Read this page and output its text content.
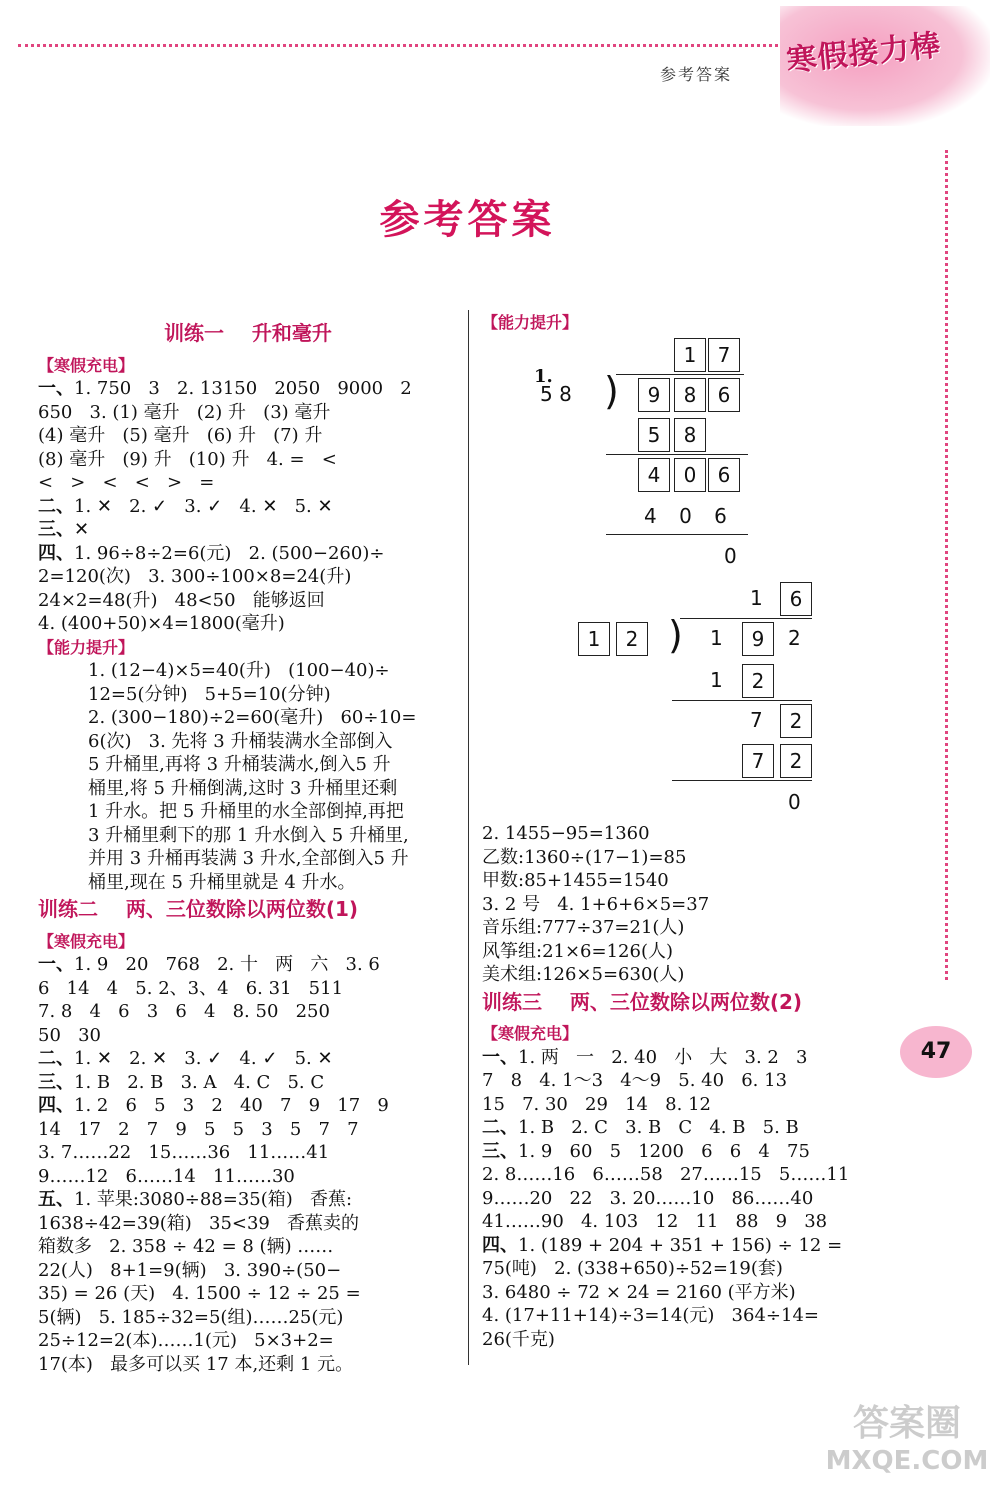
参考答案 寒假接力棒
参考答案
训练一    升和毫升
【寒假充电】
一、1. 750   3   2. 13150   2050   9000   2
650   3. (1) 毫升   (2) 升   (3) 毫升
(4) 毫升   (5) 毫升   (6) 升   (7) 升
(8) 毫升   (9) 升   (10) 升   4. =   <
<   >   <   <   >   =
二、1. ✕   2. ✓   3. ✓   4. ✕   5. ✕
三、✕
四、1. 96÷8÷2=6(元)   2. (500−260)÷
2=120(次)   3. 300÷100×8=24(升)
24×2=48(升)   48<50   能够返回
4. (400+50)×4=1800(毫升)
【能力提升】
1. (12−4)×5=40(升)   (100−40)÷
12=5(分钟)   5+5=10(分钟)
2. (300−180)÷2=60(毫升)   60÷10=
6(次)   3. 先将 3 升桶装满水全部倒入
5 升桶里,再将 3 升桶装满水,倒入5 升
桶里,将 5 升桶倒满,这时 3 升桶里还剩
1 升水。把 5 升桶里的水全部倒掉,再把
3 升桶里剩下的那 1 升水倒入 5 升桶里,
并用 3 升桶再装满 3 升水,全部倒入5 升
桶里,现在 5 升桶里就是 4 升水。
训练二    两、三位数除以两位数(1)
【寒假充电】
一、1. 9   20   768   2. 十   两   六   3. 6
6   14   4   5. 2、3、4   6. 31   511
7. 8   4   6   3   6   4   8. 50   250
50   30
二、1. ✕   2. ✕   3. ✓   4. ✓   5. ✕
三、1. B   2. B   3. A   4. C   5. C
四、1. 2   6   5   3   2   40   7   9   17   9
14   17   2   7   9   5   5   3   5   7   7
3. 7……22   15……36   11……41
9……12   6……14   11……30
五、1. 苹果:3080÷88=35(箱)   香蕉:
1638÷42=39(箱)   35<39   香蕉卖的
箱数多   2. 358 ÷ 42 = 8 (辆) ……
22(人)   8+1=9(辆)   3. 390÷(50−
35) = 26 (天)   4. 1500 ÷ 12 ÷ 25 =
5(辆)   5. 185÷32=5(组)……25(元)
25÷12=2(本)……1(元)   5×3+2=
17(本)   最多可以买 17 本,还剩 1 元。
【能力提升】
1.
1	7
5 8 )	9	8	6
5	8
4	0	6
4 0 6
0
1	6
1	2 ) 1	9	2
1	2
7	2
7	2
0
2. 1455−95=1360
乙数:1360÷(17−1)=85
甲数:85+1455=1540
3. 2 号   4. 1+6+6×5=37
音乐组:777÷37=21(人)
风筝组:21×6=126(人)
美术组:126×5=630(人)
训练三    两、三位数除以两位数(2)
【寒假充电】
一、1. 两   一   2. 40   小   大   3. 2   3
7   8   4. 1～3   4～9   5. 40   6. 13
15   7. 30   29   14   8. 12
二、1. B   2. C   3. B   C   4. B   5. B
三、1. 9   60   5   1200   6   6   4   75
2. 8……16   6……58   27……15   5……11
9……20   22   3. 20……10   86……40
41……90   4. 103   12   11   88   9   38
四、1. (189 + 204 + 351 + 156) ÷ 12 =
75(吨)   2. (338+650)÷52=19(套)
3. 6480 ÷ 72 × 24 = 2160 (平方米)
4. (17+11+14)÷3=14(元)   364÷14=
26(千克)
47
答案圈
MXQE.COM
